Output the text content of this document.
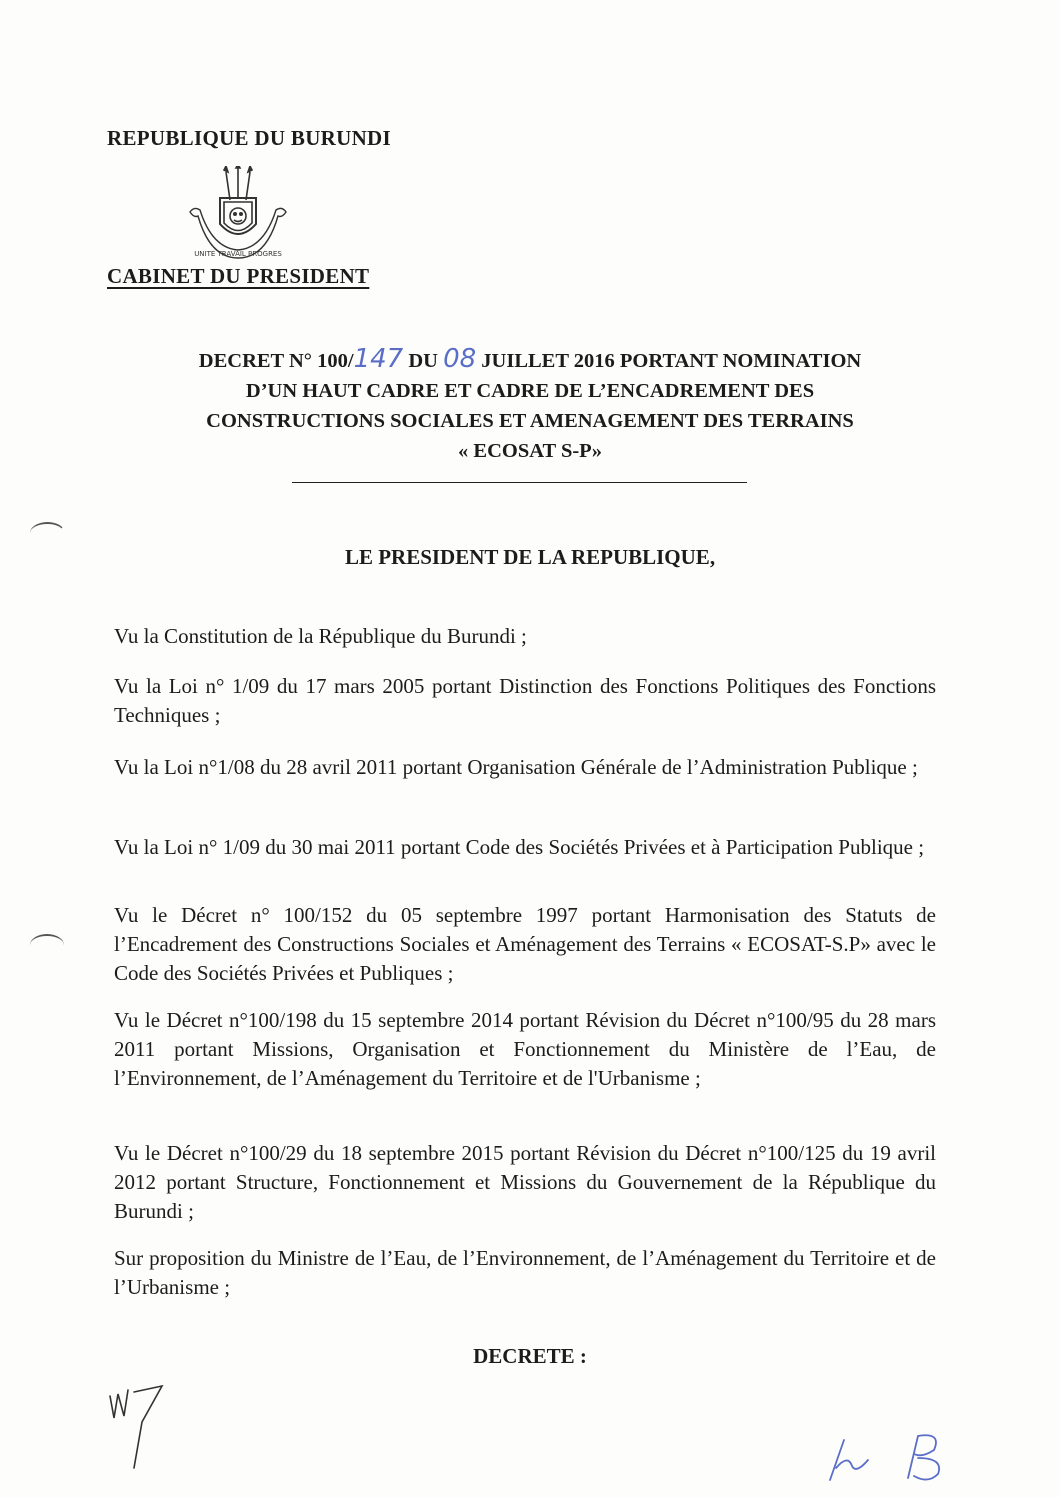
REPUBLIQUE DU BURUNDI
UNITE TRAVAIL PROGRES
CABINET DU PRESIDENT
DECRET N° 100/147 DU 08 JUILLET 2016 PORTANT NOMINATION
D’UN HAUT CADRE ET CADRE DE L’ENCADREMENT DES
CONSTRUCTIONS SOCIALES ET AMENAGEMENT DES TERRAINS
« ECOSAT S-P»
LE PRESIDENT DE LA REPUBLIQUE,
Vu la Constitution de la République du Burundi ;
Vu la Loi n° 1/09 du 17 mars 2005 portant Distinction des Fonctions Politiques des Fonctions Techniques ;
Vu la Loi n°1/08 du 28 avril 2011 portant Organisation Générale de l’Administration Publique ;
Vu la Loi n° 1/09 du 30 mai 2011 portant Code des Sociétés Privées et à Participation Publique ;
Vu le Décret n° 100/152 du 05 septembre 1997 portant Harmonisation des Statuts de l’Encadrement des Constructions Sociales et Aménagement des Terrains « ECOSAT-S.P» avec le Code des Sociétés Privées et Publiques ;
Vu le Décret n°100/198 du 15 septembre 2014 portant Révision du Décret n°100/95 du 28 mars 2011 portant Missions, Organisation et Fonctionnement du Ministère de l’Eau, de l’Environnement, de l’Aménagement du Territoire et de l'Urbanisme ;
Vu le Décret n°100/29 du 18 septembre 2015 portant Révision du Décret n°100/125 du 19 avril 2012 portant Structure, Fonctionnement et Missions du Gouvernement de la République du Burundi ;
Sur proposition du Ministre de l’Eau, de l’Environnement, de l’Aménagement du Territoire et de l’Urbanisme ;
DECRETE :
